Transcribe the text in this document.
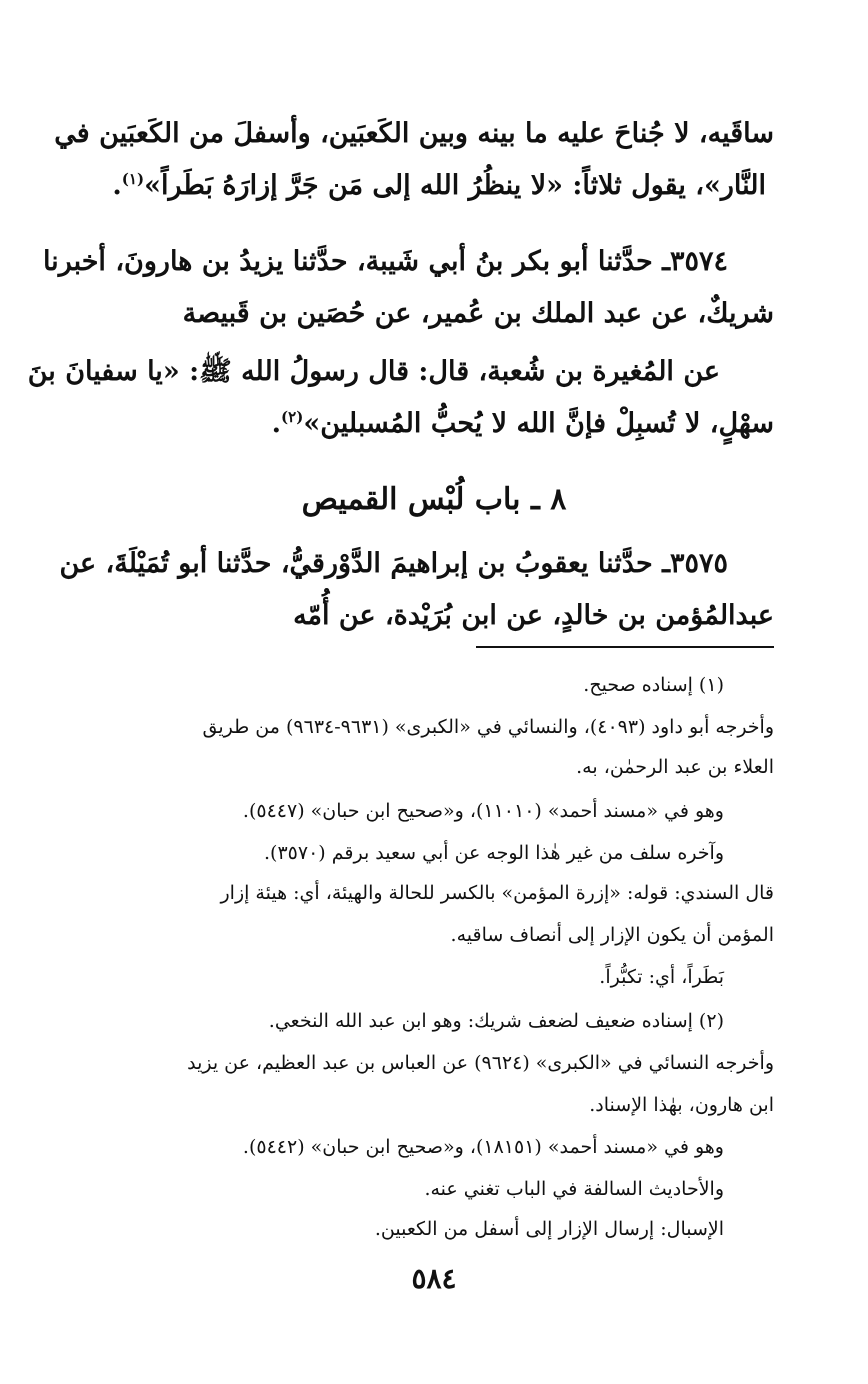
ساقَيه، لا جُناحَ عليه ما بينه وبين الكَعبَين، وأسفلَ من الكَعبَين في
النَّار»، يقول ثلاثاً: «لا ينظُرُ الله إلى مَن جَرَّ إزارَهُ بَطَراً»$^{(١)}$.
٣٥٧٤ـ حدَّثنا أبو بكر بنُ أبي شَيبة، حدَّثنا يزيدُ بن هارونَ، أخبرنا
شريكٌ، عن عبد الملك بن عُمير، عن حُصَين بن قَبيصة
عن المُغيرة بن شُعبة، قال: قال رسولُ الله ﷺ: «يا سفيانَ بنَ
سهْلٍ، لا تُسبِلْ فإنَّ الله لا يُحبُّ المُسبلين»$^{(٢)}$.
٨ ـ باب لُبْس القميص
٣٥٧٥ـ حدَّثنا يعقوبُ بن إبراهيمَ الدَّوْرقيُّ، حدَّثنا أبو تُمَيْلَةَ، عن
عبدالمُؤمن بن خالدٍ، عن ابن بُرَيْدة، عن أُمّه
(١) إسناده صحيح.
وأخرجه أبو داود (٤٠٩٣)، والنسائي في «الكبرى» (٩٦٣١-٩٦٣٤) من طريق
العلاء بن عبد الرحمٰن، به.
وهو في «مسند أحمد» (١١٠١٠)، و«صحيح ابن حبان» (٥٤٤٧).
وآخره سلف من غير هٰذا الوجه عن أبي سعيد برقم (٣٥٧٠).
قال السندي: قوله: «إزرة المؤمن» بالكسر للحالة والهيئة، أي: هيئة إزار
المؤمن أن يكون الإزار إلى أنصاف ساقيه.
بَطَراً، أي: تكبُّراً.
(٢) إسناده ضعيف لضعف شريك: وهو ابن عبد الله النخعي.
وأخرجه النسائي في «الكبرى» (٩٦٢٤) عن العباس بن عبد العظيم، عن يزيد
ابن هارون، بهٰذا الإسناد.
وهو في «مسند أحمد» (١٨١٥١)، و«صحيح ابن حبان» (٥٤٤٢).
والأحاديث السالفة في الباب تغني عنه.
الإسبال: إرسال الإزار إلى أسفل من الكعبين.
٥٨٤
